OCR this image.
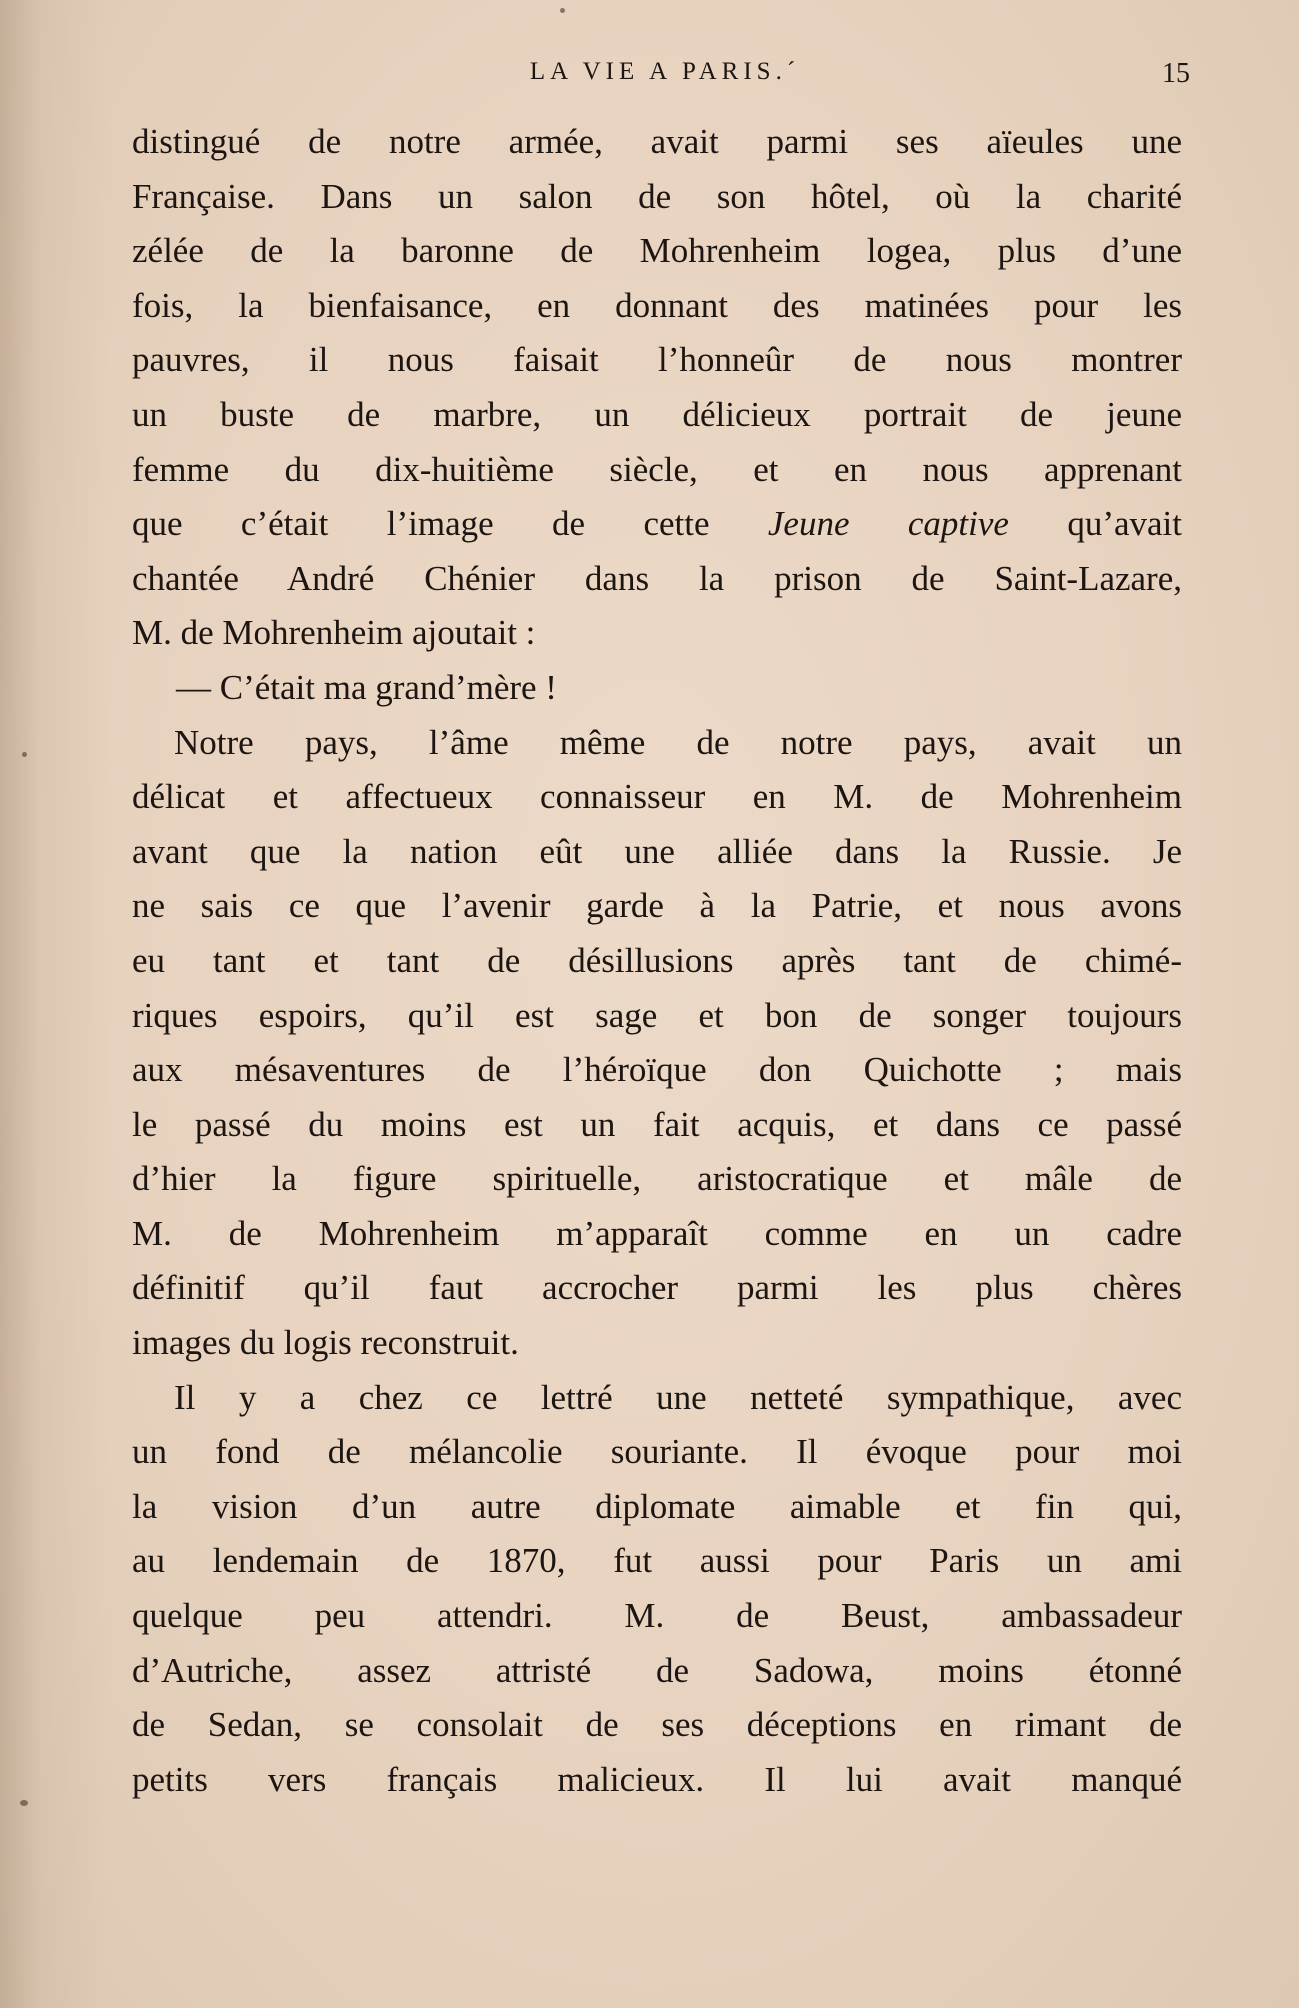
LA VIE A PARIS.´	15
distingué de notre armée, avait parmi ses aïeules une
Française. Dans un salon de son hôtel, où la charité
zélée de la baronne de Mohrenheim logea, plus d’une
fois, la bienfaisance, en donnant des matinées pour les
pauvres, il nous faisait l’honneûr de nous montrer
un buste de marbre, un délicieux portrait de jeune
femme du dix-huitième siècle, et en nous apprenant
que c’était l’image de cette Jeune captive qu’avait
chantée André Chénier dans la prison de Saint-Lazare,
M. de Mohrenheim ajoutait :
— C’était ma grand’mère !
Notre pays, l’âme même de notre pays, avait un
délicat et affectueux connaisseur en M. de Mohrenheim
avant que la nation eût une alliée dans la Russie. Je
ne sais ce que l’avenir garde à la Patrie, et nous avons
eu tant et tant de désillusions après tant de chimé-
riques espoirs, qu’il est sage et bon de songer toujours
aux mésaventures de l’héroïque don Quichotte ; mais
le passé du moins est un fait acquis, et dans ce passé
d’hier la figure spirituelle, aristocratique et mâle de
M. de Mohrenheim m’apparaît comme en un cadre
définitif qu’il faut accrocher parmi les plus chères
images du logis reconstruit.
Il y a chez ce lettré une netteté sympathique, avec
un fond de mélancolie souriante. Il évoque pour moi
la vision d’un autre diplomate aimable et fin qui,
au lendemain de 1870, fut aussi pour Paris un ami
quelque peu attendri. M. de Beust, ambassadeur
d’Autriche, assez attristé de Sadowa, moins étonné
de Sedan, se consolait de ses déceptions en rimant de
petits vers français malicieux. Il lui avait manqué
